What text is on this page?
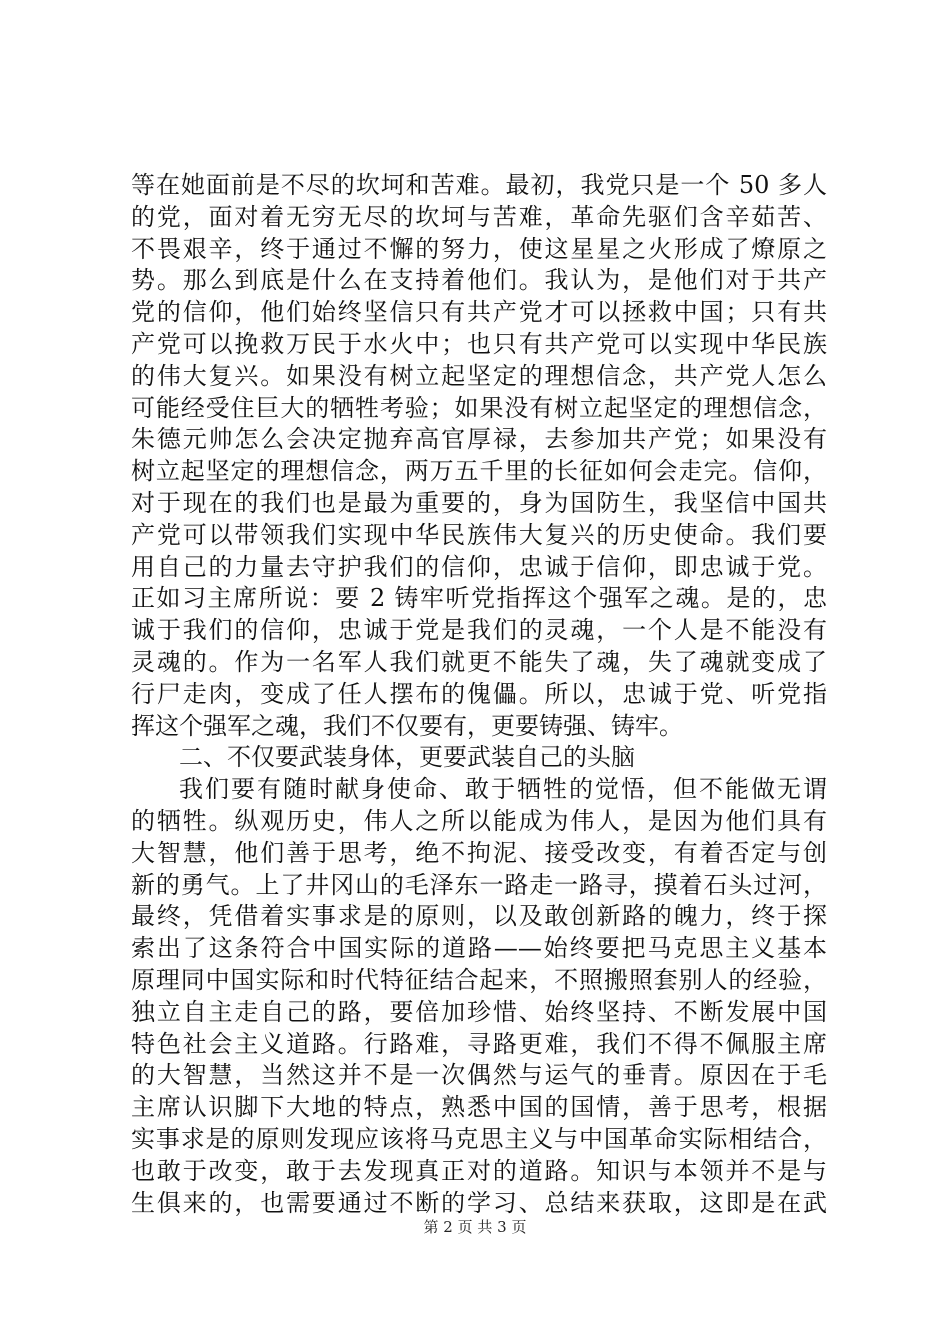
等在她面前是不尽的坎坷和苦难。最初，我党只是一个 50 多人
的党，面对着无穷无尽的坎坷与苦难，革命先驱们含辛茹苦、
不畏艰辛，终于通过不懈的努力，使这星星之火形成了燎原之
势。那么到底是什么在支持着他们。我认为，是他们对于共产
党的信仰，他们始终坚信只有共产党才可以拯救中国；只有共
产党可以挽救万民于水火中；也只有共产党可以实现中华民族
的伟大复兴。如果没有树立起坚定的理想信念，共产党人怎么
可能经受住巨大的牺牲考验；如果没有树立起坚定的理想信念，
朱德元帅怎么会决定抛弃高官厚禄，去参加共产党；如果没有
树立起坚定的理想信念，两万五千里的长征如何会走完。信仰，
对于现在的我们也是最为重要的，身为国防生，我坚信中国共
产党可以带领我们实现中华民族伟大复兴的历史使命。我们要
用自己的力量去守护我们的信仰，忠诚于信仰，即忠诚于党。
正如习主席所说：要 2 铸牢听党指挥这个强军之魂。是的，忠
诚于我们的信仰，忠诚于党是我们的灵魂，一个人是不能没有
灵魂的。作为一名军人我们就更不能失了魂，失了魂就变成了
行尸走肉，变成了任人摆布的傀儡。所以，忠诚于党、听党指
挥这个强军之魂，我们不仅要有，更要铸强、铸牢。
二、不仅要武装身体，更要武装自己的头脑
我们要有随时献身使命、敢于牺牲的觉悟，但不能做无谓
的牺牲。纵观历史，伟人之所以能成为伟人，是因为他们具有
大智慧，他们善于思考，绝不拘泥、接受改变，有着否定与创
新的勇气。上了井冈山的毛泽东一路走一路寻，摸着石头过河，
最终，凭借着实事求是的原则，以及敢创新路的魄力，终于探
索出了这条符合中国实际的道路——始终要把马克思主义基本
原理同中国实际和时代特征结合起来，不照搬照套别人的经验，
独立自主走自己的路，要倍加珍惜、始终坚持、不断发展中国
特色社会主义道路。行路难，寻路更难，我们不得不佩服主席
的大智慧，当然这并不是一次偶然与运气的垂青。原因在于毛
主席认识脚下大地的特点，熟悉中国的国情，善于思考，根据
实事求是的原则发现应该将马克思主义与中国革命实际相结合，
也敢于改变，敢于去发现真正对的道路。知识与本领并不是与
生俱来的，也需要通过不断的学习、总结来获取，这即是在武
第 2 页 共 3 页
